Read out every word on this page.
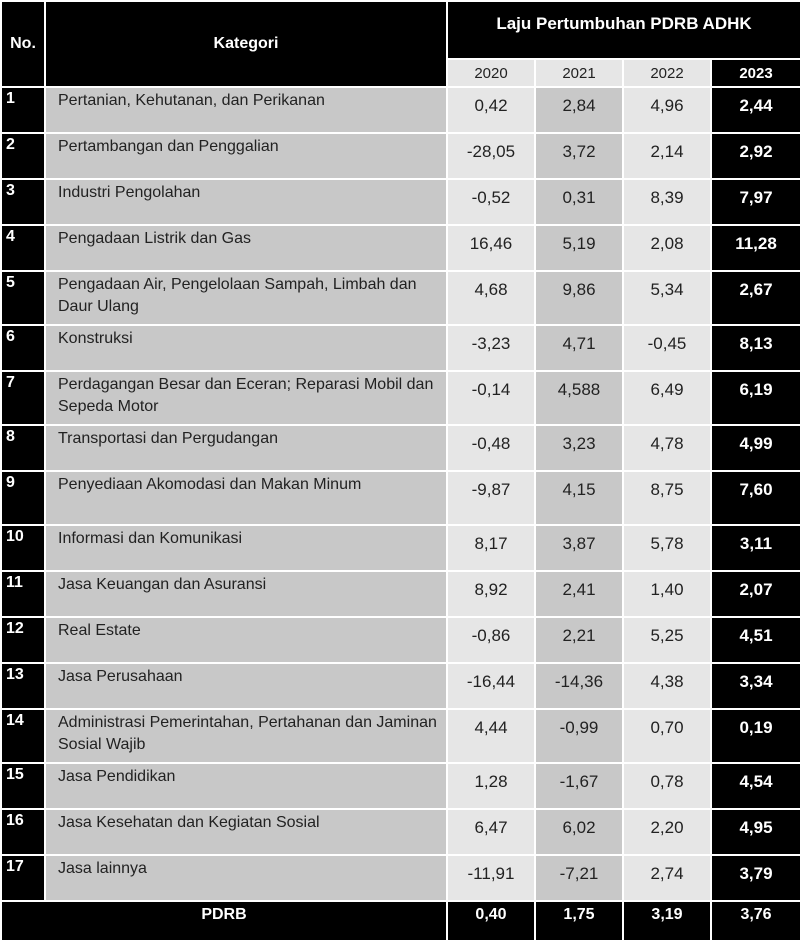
No.	Kategori	Laju Pertumbuhan PDRB ADHK			
		2020	2021	2022	2023
1	Pertanian, Kehutanan, dan Perikanan	0,42	2,84	4,96	2,44
2	Pertambangan dan Penggalian	-28,05	3,72	2,14	2,92
3	Industri Pengolahan	-0,52	0,31	8,39	7,97
4	Pengadaan Listrik dan Gas	16,46	5,19	2,08	11,28
5	Pengadaan Air, Pengelolaan Sampah, Limbah dan Daur Ulang	4,68	9,86	5,34	2,67
6	Konstruksi	-3,23	4,71	-0,45	8,13
7	Perdagangan Besar dan Eceran; Reparasi Mobil dan Sepeda Motor	-0,14	4,588	6,49	6,19
8	Transportasi dan Pergudangan	-0,48	3,23	4,78	4,99
9	Penyediaan Akomodasi dan Makan Minum	-9,87	4,15	8,75	7,60
10	Informasi dan Komunikasi	8,17	3,87	5,78	3,11
11	Jasa Keuangan dan Asuransi	8,92	2,41	1,40	2,07
12	Real Estate	-0,86	2,21	5,25	4,51
13	Jasa Perusahaan	-16,44	-14,36	4,38	3,34
14	Administrasi Pemerintahan, Pertahanan dan Jaminan Sosial Wajib	4,44	-0,99	0,70	0,19
15	Jasa Pendidikan	1,28	-1,67	0,78	4,54
16	Jasa Kesehatan dan Kegiatan Sosial	6,47	6,02	2,20	4,95
17	Jasa lainnya	-11,91	-7,21	2,74	3,79
PDRB		0,40	1,75	3,19	3,76
